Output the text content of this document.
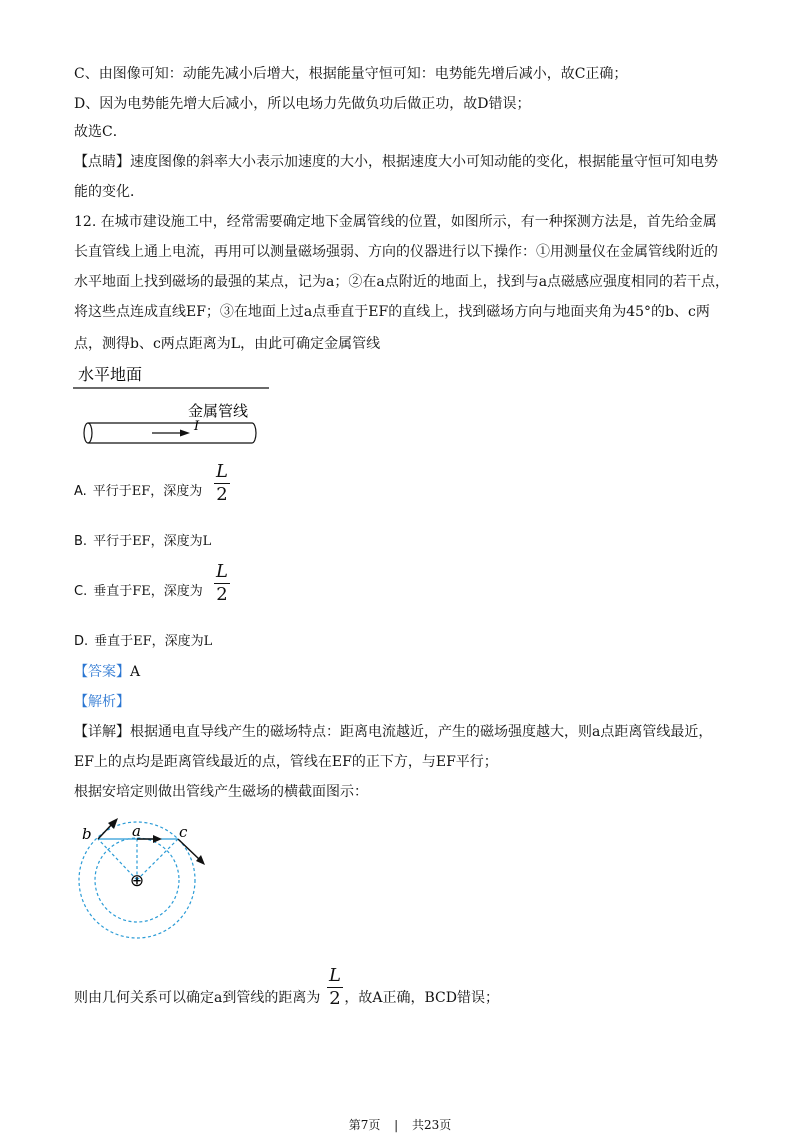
C、由图像可知：动能先减小后增大，根据能量守恒可知：电势能先增后减小，故C正确；
D、因为电势能先增大后减小，所以电场力先做负功后做正功，故D错误；
故选C．
【点睛】速度图像的斜率大小表示加速度的大小，根据速度大小可知动能的变化，根据能量守恒可知电势
能的变化．
12. 在城市建设施工中，经常需要确定地下金属管线的位置，如图所示，有一种探测方法是，首先给金属
长直管线上通上电流，再用可以测量磁场强弱、方向的仪器进行以下操作：①用测量仪在金属管线附近的
水平地面上找到磁场的最强的某点，记为a；②在a点附近的地面上，找到与a点磁感应强度相同的若干点，
将这些点连成直线EF；③在地面上过a点垂直于EF的直线上，找到磁场方向与地面夹角为45°的b、c两
点，测得b、c两点距离为L，由此可确定金属管线
水平地面
金属管线
I
A. 平行于EF，深度为
L
2
B. 平行于EF，深度为L
C. 垂直于FE，深度为
L
2
D. 垂直于EF，深度为L
【答案】A
【解析】
【详解】根据通电直导线产生的磁场特点：距离电流越近，产生的磁场强度越大，则a点距离管线最近，
EF上的点均是距离管线最近的点，管线在EF的正下方，与EF平行；
根据安培定则做出管线产生磁场的横截面图示：
b	a	c
⊕
则由几何关系可以确定a到管线的距离为 ，故A正确，BCD错误；
L
2
第7页 | 共23页
